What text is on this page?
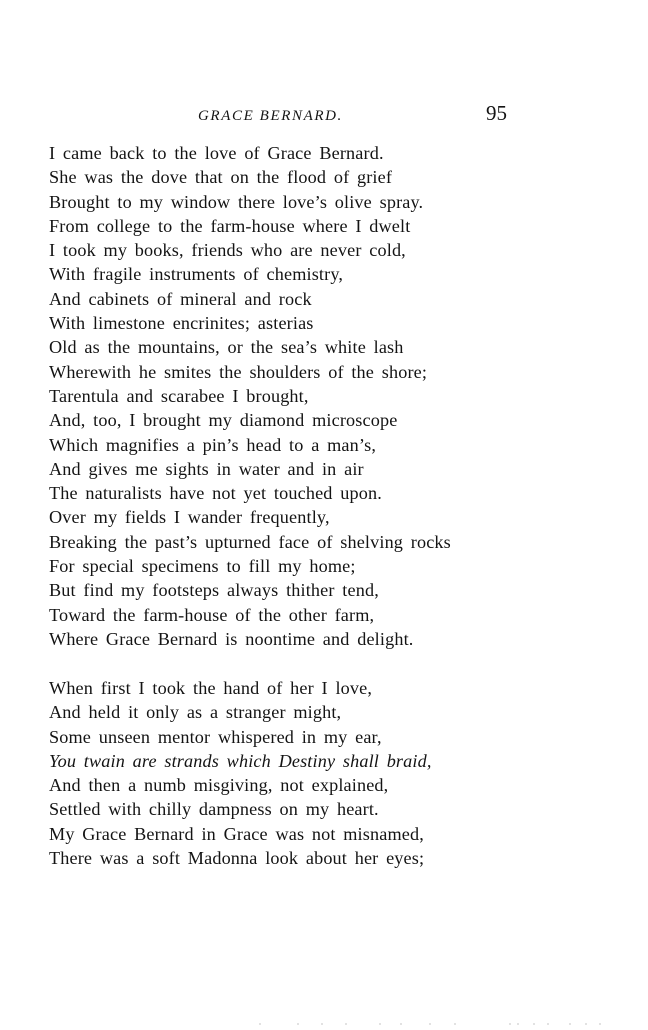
GRACE BERNARD.	95
I came back to the love of Grace Bernard.
She was the dove that on the flood of grief
Brought to my window there love’s olive spray.
From college to the farm-house where I dwelt
I took my books, friends who are never cold,
With fragile instruments of chemistry,
And cabinets of mineral and rock
With limestone encrinites; asterias
Old as the mountains, or the sea’s white lash
Wherewith he smites the shoulders of the shore;
Tarentula and scarabee I brought,
And, too, I brought my diamond microscope
Which magnifies a pin’s head to a man’s,
And gives me sights in water and in air
The naturalists have not yet touched upon.
Over my fields I wander frequently,
Breaking the past’s upturned face of shelving rocks
For special specimens to fill my home;
But find my footsteps always thither tend,
Toward the farm-house of the other farm,
Where Grace Bernard is noontime and delight.
When first I took the hand of her I love,
And held it only as a stranger might,
Some unseen mentor whispered in my ear,
You twain are strands which Destiny shall braid,
And then a numb misgiving, not explained,
Settled with chilly dampness on my heart.
My Grace Bernard in Grace was not misnamed,
There was a soft Madonna look about her eyes;
